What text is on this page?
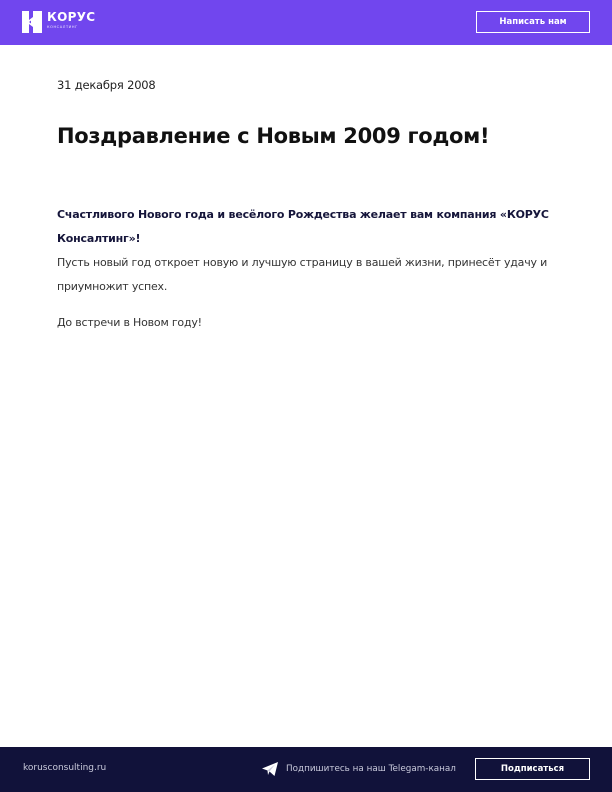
КОРУС
КОНСАЛТИНГ	Написать нам
31 декабря 2008
Поздравление с Новым 2009 годом!

Счастливого Нового года и весёлого Рождества желает вам компания «КОРУС Консалтинг»!

Пусть новый год откроет новую и лучшую страницу в вашей жизни, принесёт удачу и приумножит успех.

До встречи в Новом году!

korusconsulting.ru	Подпишитесь на наш Telegam-канал	Подписаться
